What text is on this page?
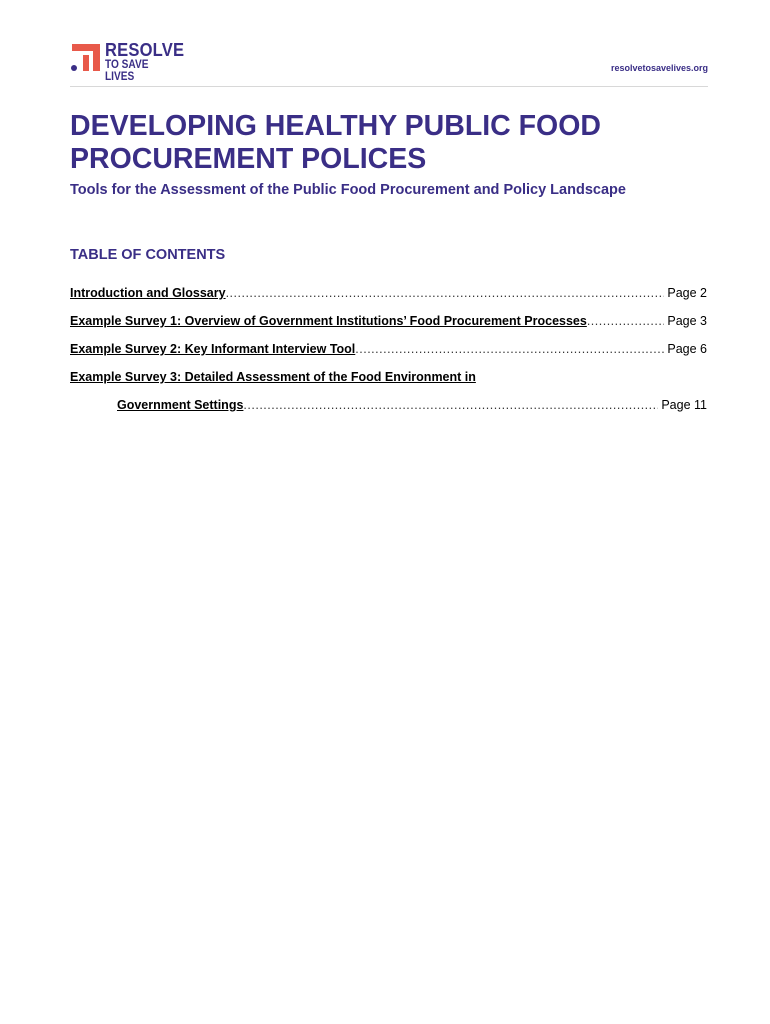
RESOLVE
TO SAVE LIVES
resolvetosavelives.org
DEVELOPING HEALTHY PUBLIC FOOD PROCUREMENT POLICES

Tools for the Assessment of the Public Food Procurement and Policy Landscape

TABLE OF CONTENTS
Introduction and Glossary .....	Page 2
Example Survey 1: Overview of Government Institutions’ Food Procurement Processes .....	Page 3
Example Survey 2: Key Informant Interview Tool .....	Page 6
Example Survey 3: Detailed Assessment of the Food Environment in
Government Settings .....	Page 11
